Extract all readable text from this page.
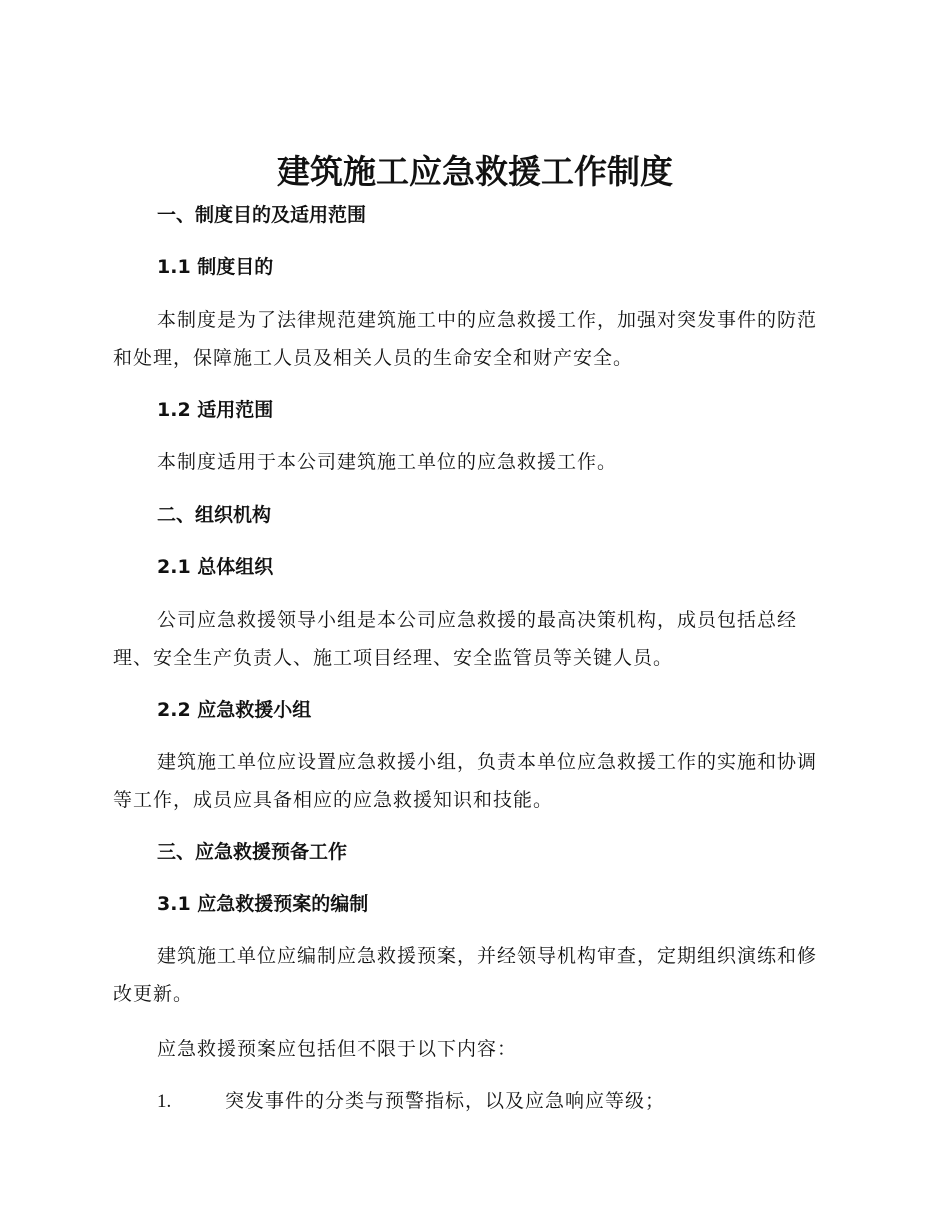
建筑施工应急救援工作制度
一、制度目的及适用范围
1.1 制度目的
本制度是为了法律规范建筑施工中的应急救援工作，加强对突发事件的防范和处理，保障施工人员及相关人员的生命安全和财产安全。
1.2 适用范围
本制度适用于本公司建筑施工单位的应急救援工作。
二、组织机构
2.1 总体组织
公司应急救援领导小组是本公司应急救援的最高决策机构，成员包括总经理、安全生产负责人、施工项目经理、安全监管员等关键人员。
2.2 应急救援小组
建筑施工单位应设置应急救援小组，负责本单位应急救援工作的实施和协调等工作，成员应具备相应的应急救援知识和技能。
三、应急救援预备工作
3.1 应急救援预案的编制
建筑施工单位应编制应急救援预案，并经领导机构审查，定期组织演练和修改更新。
应急救援预案应包括但不限于以下内容：
1.	突发事件的分类与预警指标，以及应急响应等级；
